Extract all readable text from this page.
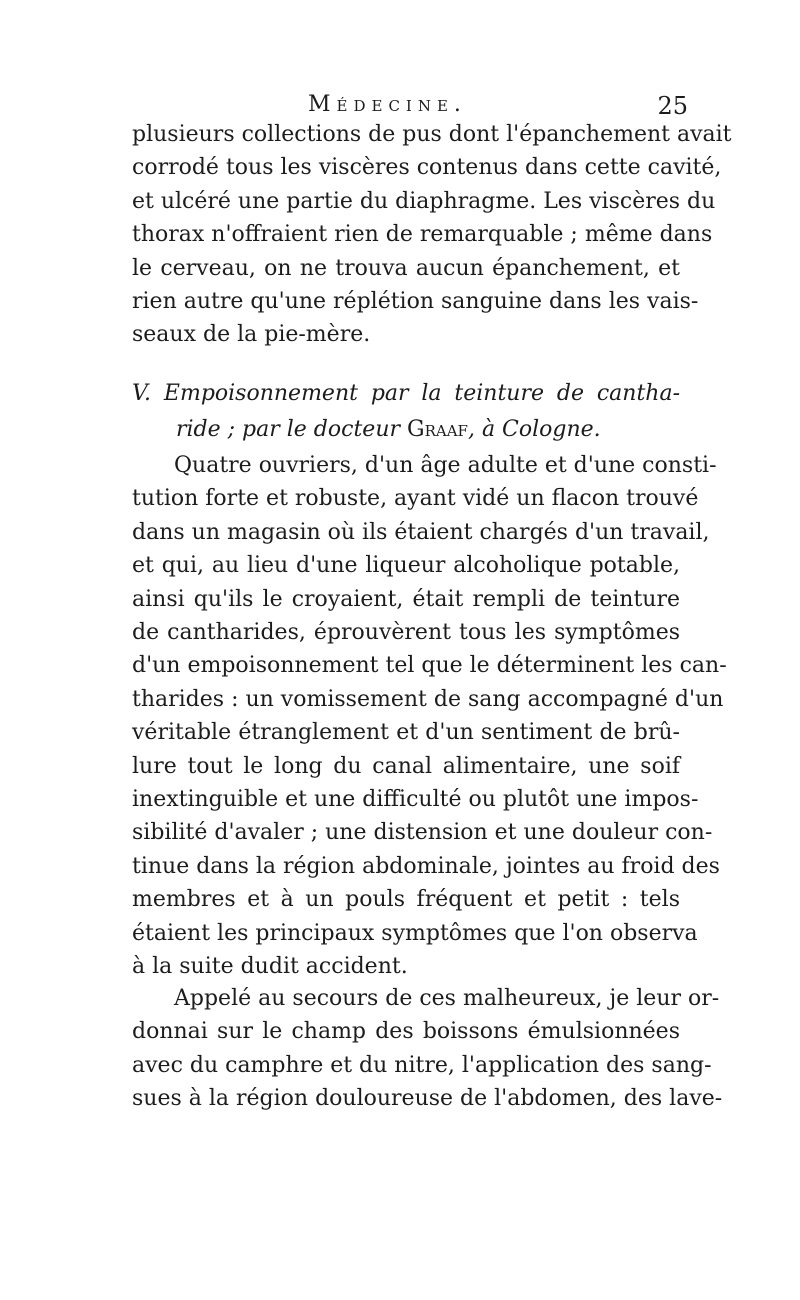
Médecine.	25
plusieurs collections de pus dont l'épanchement avait
corrodé tous les viscères contenus dans cette cavité,
et ulcéré une partie du diaphragme. Les viscères du
thorax n'offraient rien de remarquable ; même dans
le cerveau, on ne trouva aucun épanchement, et
rien autre qu'une réplétion sanguine dans les vais-
seaux de la pie-mère.
V. Empoisonnement par la teinture de cantha-
ride ; par le docteur Graaf, à Cologne.
Quatre ouvriers, d'un âge adulte et d'une consti-
tution forte et robuste, ayant vidé un flacon trouvé
dans un magasin où ils étaient chargés d'un travail,
et qui, au lieu d'une liqueur alcoholique potable,
ainsi qu'ils le croyaient, était rempli de teinture
de cantharides, éprouvèrent tous les symptômes
d'un empoisonnement tel que le déterminent les can-
tharides : un vomissement de sang accompagné d'un
véritable étranglement et d'un sentiment de brû-
lure tout le long du canal alimentaire, une soif
inextinguible et une difficulté ou plutôt une impos-
sibilité d'avaler ; une distension et une douleur con-
tinue dans la région abdominale, jointes au froid des
membres et à un pouls fréquent et petit : tels
étaient les principaux symptômes que l'on observa
à la suite dudit accident.
Appelé au secours de ces malheureux, je leur or-
donnai sur le champ des boissons émulsionnées
avec du camphre et du nitre, l'application des sang-
sues à la région douloureuse de l'abdomen, des lave-
